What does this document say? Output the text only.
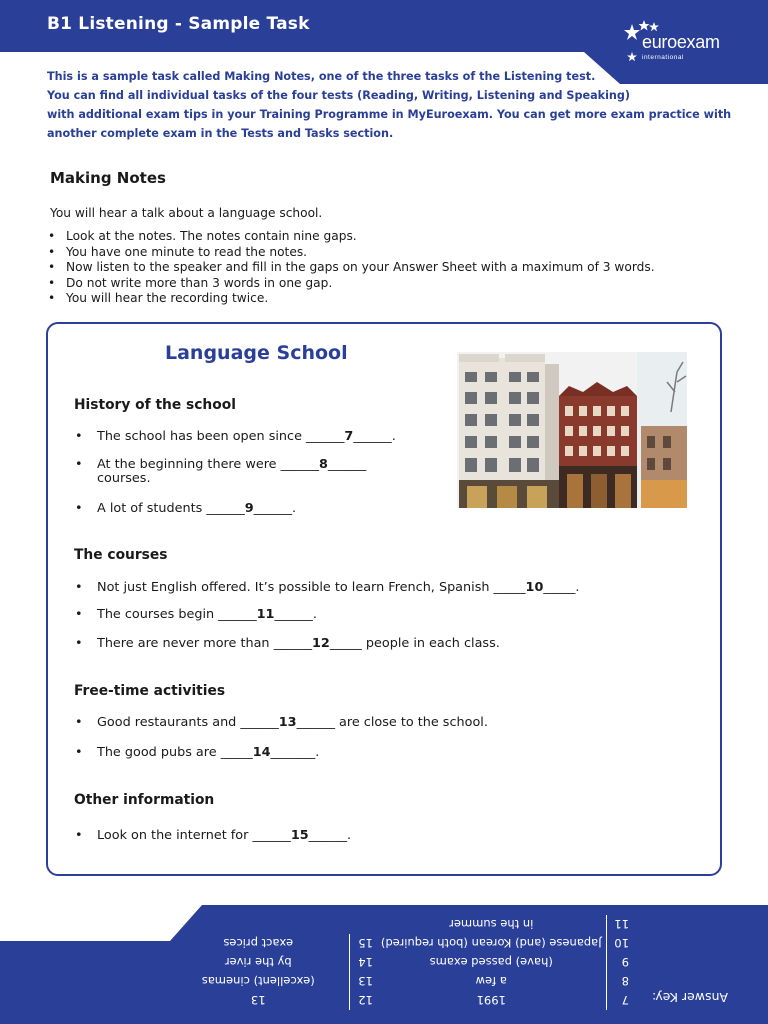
B1 Listening - Sample Task
euroexam
international
This is a sample task called Making Notes, one of the three tasks of the Listening test.
You can find all individual tasks of the four tests (Reading, Writing, Listening and Speaking)
with additional exam tips in your Training Programme in MyEuroexam. You can get more exam practice with
another complete exam in the Tests and Tasks section.
Making Notes
You will hear a talk about a language school.
• Look at the notes. The notes contain nine gaps.
• You have one minute to read the notes.
• Now listen to the speaker and fill in the gaps on your Answer Sheet with a maximum of 3 words.
• Do not write more than 3 words in one gap.
• You will hear the recording twice.
Language School
History of the school
• The school has been open since ______7______.
• At the beginning there were ______8______
courses.
• A lot of students ______9______.
The courses
• Not just English offered. It’s possible to learn French, Spanish _____10_____.
• The courses begin ______11______.
• There are never more than ______12_____ people in each class.
Free-time activities
• Good restaurants and ______13______ are close to the school.
• The good pubs are _____14_______.
Other information
• Look on the internet for ______15______.
7	1991	12	13
8	a few	13	(excellent) cinemas
9	(have) passed exams	14	by the river
10	Japanese (and) Korean (both required)	15	exact prices
11	in the summer		
Answer Key:
